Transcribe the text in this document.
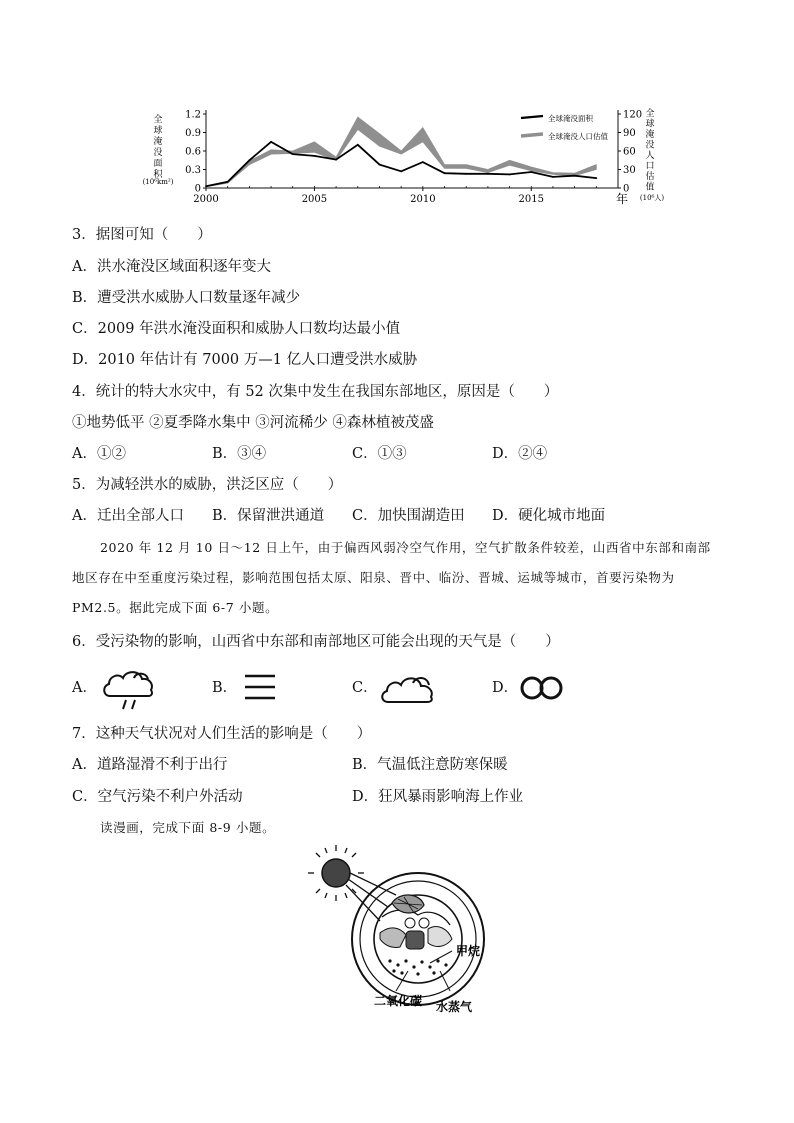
全球淹没面积
(10⁶km²)
全球淹没人口估值
(10⁶人)
年
0
0.3
0.6
0.9
1.2
0
30
60
90
120
2000	2005	2010	2015
全球淹没面积
全球淹没人口估值
3．据图可知（　　）
A．洪水淹没区域面积逐年变大
B．遭受洪水威胁人口数量逐年减少
C．2009 年洪水淹没面积和威胁人口数均达最小值
D．2010 年估计有 7000 万—1 亿人口遭受洪水威胁
4．统计的特大水灾中，有 52 次集中发生在我国东部地区，原因是（　　）
①地势低平 ②夏季降水集中 ③河流稀少 ④森林植被茂盛
A．①②	B．③④	C．①③	D．②④
5．为减轻洪水的威胁，洪泛区应（　　）
A．迁出全部人口 B．保留泄洪通道 C．加快围湖造田 D．硬化城市地面
2020 年 12 月 10 日～12 日上午，由于偏西风弱冷空气作用，空气扩散条件较差，山西省中东部和南部
地区存在中至重度污染过程，影响范围包括太原、阳泉、晋中、临汾、晋城、运城等城市，首要污染物为
PM2.5。据此完成下面 6-7 小题。
6．受污染物的影响，山西省中东部和南部地区可能会出现的天气是（　　）
A．	B．	C．	D．
7．这种天气状况对人们生活的影响是（　　）
A．道路湿滑不利于出行	B．气温低注意防寒保暖
C．空气污染不利户外活动	D．狂风暴雨影响海上作业
读漫画，完成下面 8-9 小题。
甲烷
二氧化碳 水蒸气
